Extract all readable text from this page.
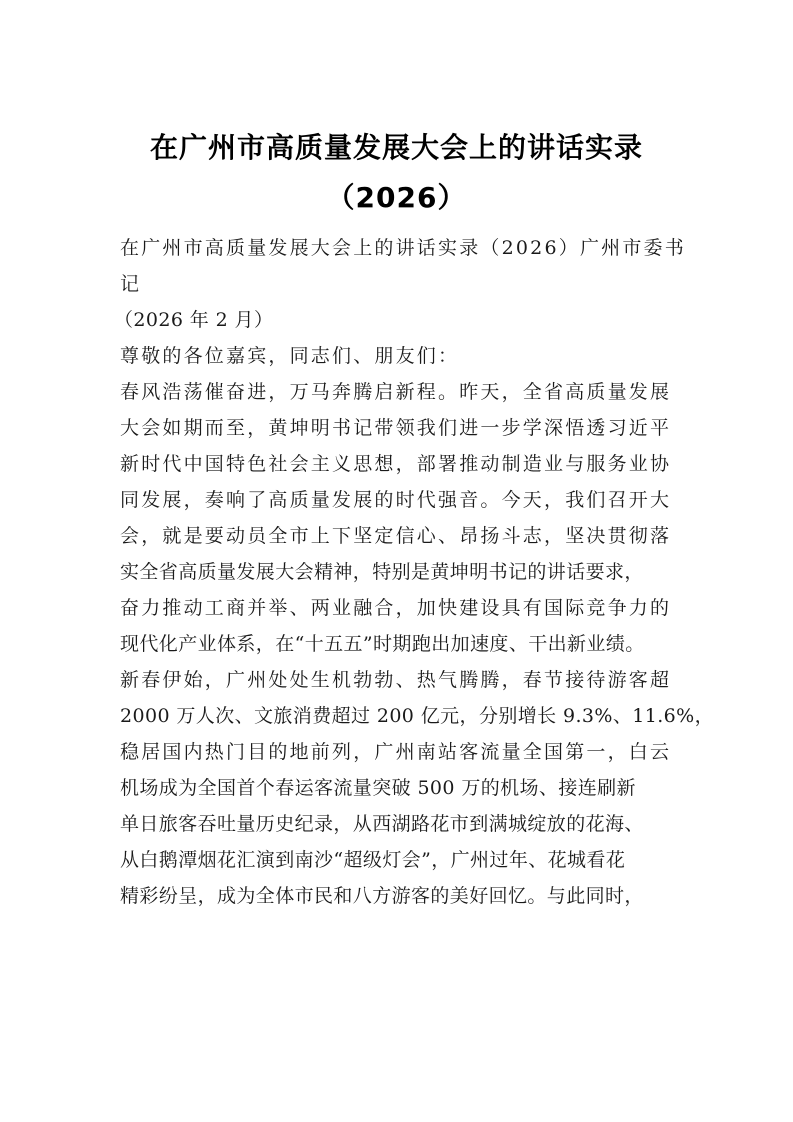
在广州市高质量发展大会上的讲话实录
（2026）
在广州市高质量发展大会上的讲话实录（2026）广州市委书
记
（2026 年 2 月）
尊敬的各位嘉宾，同志们、朋友们：
春风浩荡催奋进，万马奔腾启新程。昨天，全省高质量发展
大会如期而至，黄坤明书记带领我们进一步学深悟透习近平
新时代中国特色社会主义思想，部署推动制造业与服务业协
同发展，奏响了高质量发展的时代强音。今天，我们召开大
会，就是要动员全市上下坚定信心、昂扬斗志，坚决贯彻落
实全省高质量发展大会精神，特别是黄坤明书记的讲话要求，
奋力推动工商并举、两业融合，加快建设具有国际竞争力的
现代化产业体系，在“十五五”时期跑出加速度、干出新业绩。
新春伊始，广州处处生机勃勃、热气腾腾，春节接待游客超
2000 万人次、文旅消费超过 200 亿元，分别增长 9.3%、11.6%，
稳居国内热门目的地前列，广州南站客流量全国第一，白云
机场成为全国首个春运客流量突破 500 万的机场、接连刷新
单日旅客吞吐量历史纪录，从西湖路花市到满城绽放的花海、
从白鹅潭烟花汇演到南沙“超级灯会”，广州过年、花城看花
精彩纷呈，成为全体市民和八方游客的美好回忆。与此同时，
